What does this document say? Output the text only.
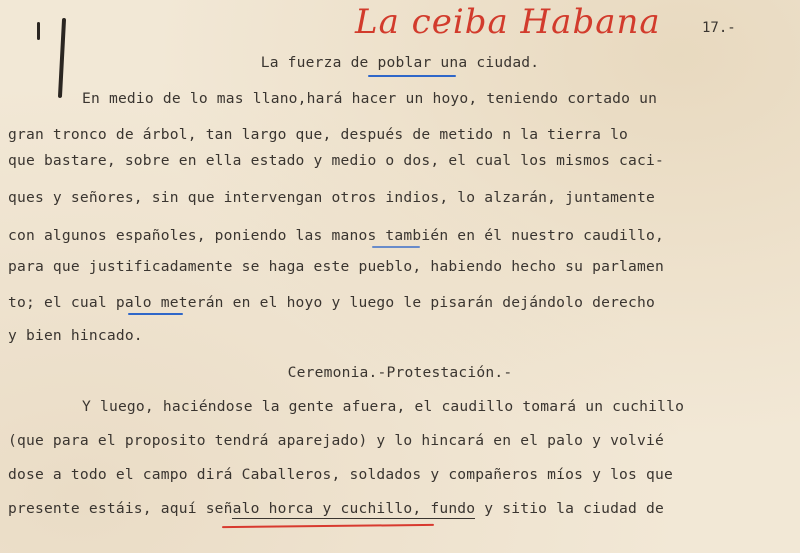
La ceiba Habana	17.-
La fuerza de poblar una ciudad.
En medio de lo mas llano,hará hacer un hoyo, teniendo cortado un
gran tronco de árbol, tan largo que, después de metido n la tierra lo
que bastare, sobre en ella estado y medio o dos, el cual los mismos caci-
ques y señores, sin que intervengan otros indios, lo alzarán, juntamente
con algunos españoles, poniendo las manos también en él nuestro caudillo,
para que justificadamente se haga este pueblo, habiendo hecho su parlamen
to; el cual palo meterán en el hoyo y luego le pisarán dejándolo derecho
y bien hincado.
Ceremonia.-Protestación.-
Y luego, haciéndose la gente afuera, el caudillo tomará un cuchillo
(que para el proposito tendrá aparejado) y lo hincará en el palo y volvié
dose a todo el campo dirá Caballeros, soldados y compañeros míos y los que
presente estáis, aquí señalo horca y cuchillo, fundo y sitio la ciudad de
